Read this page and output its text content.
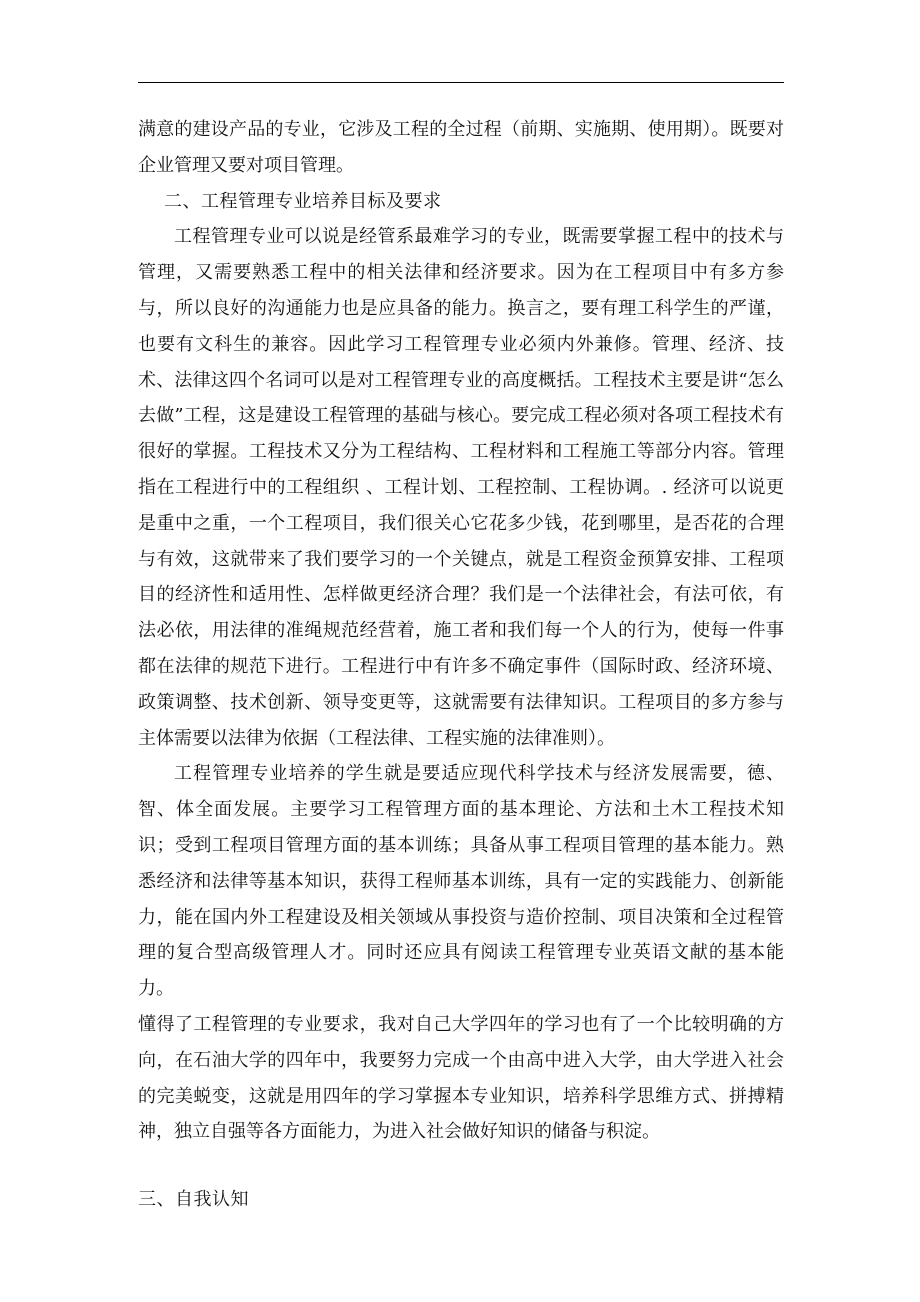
满意的建设产品的专业，它涉及工程的全过程（前期、实施期、使用期）。既要对企业管理又要对项目管理。

二、工程管理专业培养目标及要求

工程管理专业可以说是经管系最难学习的专业，既需要掌握工程中的技术与管理，又需要熟悉工程中的相关法律和经济要求。因为在工程项目中有多方参与，所以良好的沟通能力也是应具备的能力。换言之，要有理工科学生的严谨，也要有文科生的兼容。因此学习工程管理专业必须内外兼修。管理、经济、技术、法律这四个名词可以是对工程管理专业的高度概括。工程技术主要是讲“怎么去做”工程，这是建设工程管理的基础与核心。要完成工程必须对各项工程技术有很好的掌握。工程技术又分为工程结构、工程材料和工程施工等部分内容。管理指在工程进行中的工程组织 、工程计划、工程控制、工程协调。. 经济可以说更是重中之重，一个工程项目，我们很关心它花多少钱，花到哪里，是否花的合理与有效，这就带来了我们要学习的一个关键点，就是工程资金预算安排、工程项目的经济性和适用性、怎样做更经济合理？我们是一个法律社会，有法可依，有法必依，用法律的准绳规范经营着，施工者和我们每一个人的行为，使每一件事都在法律的规范下进行。工程进行中有许多不确定事件（国际时政、经济环境、政策调整、技术创新、领导变更等，这就需要有法律知识。工程项目的多方参与主体需要以法律为依据（工程法律、工程实施的法律准则）。

工程管理专业培养的学生就是要适应现代科学技术与经济发展需要，德、智、体全面发展。主要学习工程管理方面的基本理论、方法和土木工程技术知识；受到工程项目管理方面的基本训练；具备从事工程项目管理的基本能力。熟悉经济和法律等基本知识，获得工程师基本训练，具有一定的实践能力、创新能力，能在国内外工程建设及相关领域从事投资与造价控制、项目决策和全过程管理的复合型高级管理人才。同时还应具有阅读工程管理专业英语文献的基本能力。

懂得了工程管理的专业要求，我对自己大学四年的学习也有了一个比较明确的方向，在石油大学的四年中，我要努力完成一个由高中进入大学，由大学进入社会的完美蜕变，这就是用四年的学习掌握本专业知识，培养科学思维方式、拼搏精神，独立自强等各方面能力，为进入社会做好知识的储备与积淀。

三、自我认知
